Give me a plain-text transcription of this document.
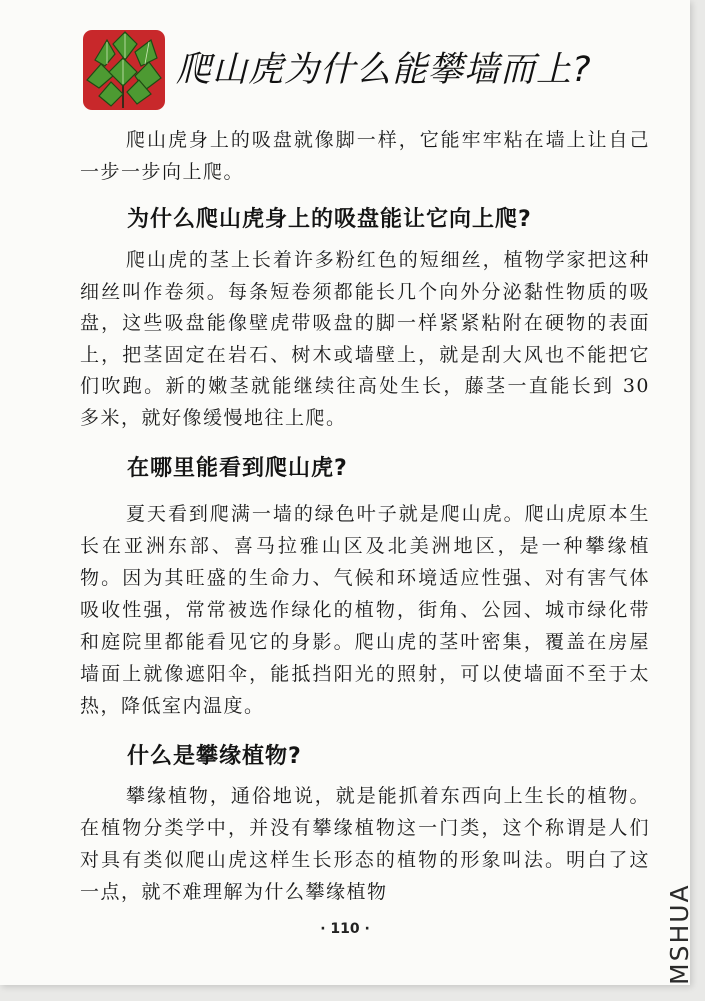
爬山虎为什么能攀墙而上?
爬山虎身上的吸盘就像脚一样，它能牢牢粘在墙上让自己一步一步向上爬。
为什么爬山虎身上的吸盘能让它向上爬?
爬山虎的茎上长着许多粉红色的短细丝，植物学家把这种细丝叫作卷须。每条短卷须都能长几个向外分泌黏性物质的吸盘，这些吸盘能像壁虎带吸盘的脚一样紧紧粘附在硬物的表面上，把茎固定在岩石、树木或墙壁上，就是刮大风也不能把它们吹跑。新的嫩茎就能继续往高处生长，藤茎一直能长到 30 多米，就好像缓慢地往上爬。
在哪里能看到爬山虎?
夏天看到爬满一墙的绿色叶子就是爬山虎。爬山虎原本生长在亚洲东部、喜马拉雅山区及北美洲地区，是一种攀缘植物。因为其旺盛的生命力、气候和环境适应性强、对有害气体吸收性强，常常被选作绿化的植物，街角、公园、城市绿化带和庭院里都能看见它的身影。爬山虎的茎叶密集，覆盖在房屋墙面上就像遮阳伞，能抵挡阳光的照射，可以使墙面不至于太热，降低室内温度。
什么是攀缘植物?
攀缘植物，通俗地说，就是能抓着东西向上生长的植物。在植物分类学中，并没有攀缘植物这一门类，这个称谓是人们对具有类似爬山虎这样生长形态的植物的形象叫法。明白了这一点，就不难理解为什么攀缘植物
· 110 ·	MSHUA
